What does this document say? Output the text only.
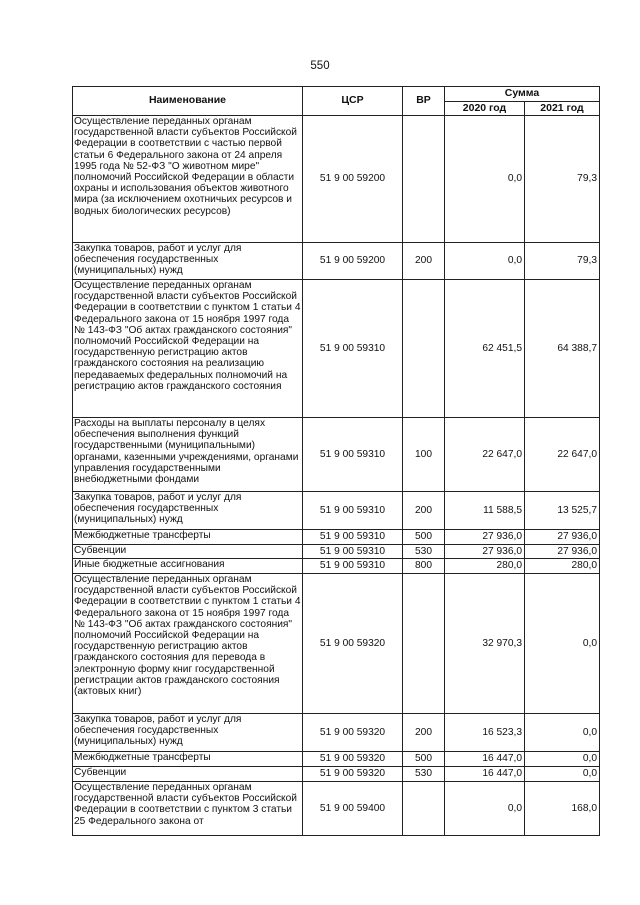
550
Наименование	ЦСР	ВР	Сумма	
			2020 год	2021 год
Осуществление переданных органам государственной власти субъектов Российской Федерации в соответствии с частью первой статьи 6 Федерального закона от 24 апреля 1995 года № 52-ФЗ "О животном мире" полномочий Российской Федерации в области охраны и использования объектов животного мира (за исключением охотничьих ресурсов и водных биологических ресурсов)	51 9 00 59200		0,0	79,3
Закупка товаров, работ и услуг для обеспечения государственных (муниципальных) нужд	51 9 00 59200	200	0,0	79,3
Осуществление переданных органам государственной власти субъектов Российской Федерации в соответствии с пунктом 1 статьи 4 Федерального закона от 15 ноября 1997 года № 143-ФЗ "Об актах гражданского состояния" полномочий Российской Федерации на государственную регистрацию актов гражданского состояния на реализацию передаваемых федеральных полномочий на регистрацию актов гражданского состояния	51 9 00 59310		62 451,5	64 388,7
Расходы на выплаты персоналу в целях обеспечения выполнения функций государственными (муниципальными) органами, казенными учреждениями, органами управления государственными внебюджетными фондами	51 9 00 59310	100	22 647,0	22 647,0
Закупка товаров, работ и услуг для обеспечения государственных (муниципальных) нужд	51 9 00 59310	200	11 588,5	13 525,7
Межбюджетные трансферты	51 9 00 59310	500	27 936,0	27 936,0
Субвенции	51 9 00 59310	530	27 936,0	27 936,0
Иные бюджетные ассигнования	51 9 00 59310	800	280,0	280,0
Осуществление переданных органам государственной власти субъектов Российской Федерации в соответствии с пунктом 1 статьи 4 Федерального закона от 15 ноября 1997 года № 143-ФЗ "Об актах гражданского состояния" полномочий Российской Федерации на государственную регистрацию актов гражданского состояния для перевода в электронную форму книг государственной регистрации актов гражданского состояния (актовых книг)	51 9 00 59320		32 970,3	0,0
Закупка товаров, работ и услуг для обеспечения государственных (муниципальных) нужд	51 9 00 59320	200	16 523,3	0,0
Межбюджетные трансферты	51 9 00 59320	500	16 447,0	0,0
Субвенции	51 9 00 59320	530	16 447,0	0,0
Осуществление переданных органам государственной власти субъектов Российской Федерации в соответствии с пунктом 3 статьи 25 Федерального закона от	51 9 00 59400		0,0	168,0
